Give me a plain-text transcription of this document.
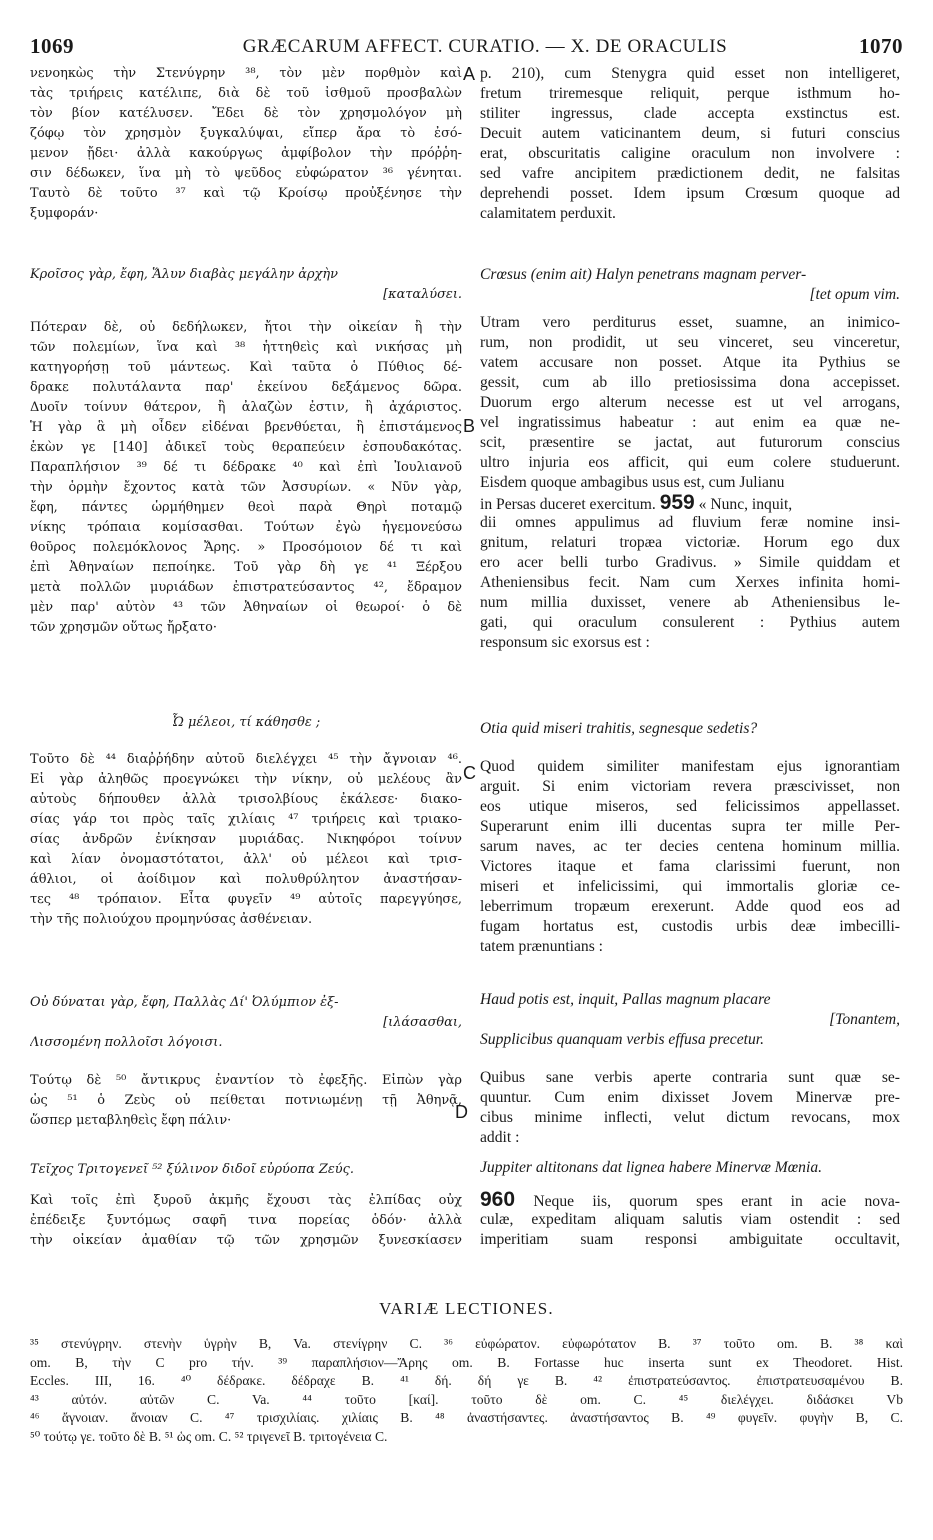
1069	GRÆCARUM AFFECT. CURATIO. — X. DE ORACULIS	1070
A
B
C
D
νενοηκὼς τὴν Στενύγρην ³⁸, τὸν μὲν πορθμὸν καὶ
τὰς τριήρεις κατέλιπε, διὰ δὲ τοῦ ἰσθμοῦ προσβαλὼν
τὸν βίον κατέλυσεν. Ἔδει δὲ τὸν χρησμολόγον μὴ
ζόφῳ τὸν χρησμὸν ξυγκαλύψαι, εἴπερ ἄρα τὸ ἐσό-
μενον ᾔδει· ἀλλὰ κακούργως ἀμφίβολον τὴν πρόῤῥη-
σιν δέδωκεν, ἵνα μὴ τὸ ψεῦδος εὐφώρατον ³⁶ γένηται.
Ταυτὸ δὲ τοῦτο ³⁷ καὶ τῷ Κροίσῳ προὐξένησε τὴν
ξυμφοράν·
Κροῖσος γὰρ, ἔφη, Ἅλυν διαβὰς μεγάλην ἀρχὴν
[καταλύσει.
Πότεραν δὲ, οὐ δεδήλωκεν, ἤτοι τὴν οἰκείαν ἢ τὴν
τῶν πολεμίων, ἵνα καὶ ³⁸ ἡττηθεὶς καὶ νικήσας μὴ
κατηγορήσῃ τοῦ μάντεως. Καὶ ταῦτα ὁ Πύθιος δέ-
δρακε πολυτάλαντα παρ' ἐκείνου δεξάμενος δῶρα.
Δυοῖν τοίνυν θάτερον, ἢ ἀλαζὼν ἐστιν, ἢ ἀχάριστος.
Ἡ γὰρ ἃ μὴ οἶδεν εἰδέναι βρενθύεται, ἢ ἐπιστάμενος
ἑκὼν γε [140] ἀδικεῖ τοὺς θεραπεύειν ἐσπουδακότας.
Παραπλήσιον ³⁹ δέ τι δέδρακε ⁴⁰ καὶ ἐπὶ Ἰουλιανοῦ
τὴν ὁρμὴν ἔχοντος κατὰ τῶν Ἀσσυρίων. « Νῦν γὰρ,
ἔφη, πάντες ὡρμήθημεν θεοὶ παρὰ Θηρὶ ποταμῷ
νίκης τρόπαια κομίσασθαι. Τούτων ἐγὼ ἡγεμονεύσω
θοῦρος πολεμόκλονος Ἄρης. » Προσόμοιον δέ τι καὶ
ἐπὶ Ἀθηναίων πεποίηκε. Τοῦ γὰρ δὴ γε ⁴¹ Ξέρξου
μετὰ πολλῶν μυριάδων ἐπιστρατεύσαντος ⁴², ἔδραμον
μὲν παρ' αὐτὸν ⁴³ τῶν Ἀθηναίων οἱ θεωροί· ὁ δὲ
τῶν χρησμῶν οὕτως ἤρξατο·
Ὦ μέλεοι, τί κάθησθε ;
Τοῦτο δὲ ⁴⁴ διαῤῥήδην αὐτοῦ διελέγχει ⁴⁵ τὴν ἄγνοιαν ⁴⁶.
Εἰ γὰρ ἀληθῶς προεγνώκει τὴν νίκην, οὐ μελέους ἂν
αὐτοὺς δήπουθεν ἀλλὰ τρισολβίους ἐκάλεσε· διακο-
σίας γάρ τοι πρὸς ταῖς χιλίαις ⁴⁷ τριήρεις καὶ τριακο-
σίας ἀνδρῶν ἐνίκησαν μυριάδας. Νικηφόροι τοίνυν
καὶ λίαν ὀνομαστότατοι, ἀλλ' οὐ μέλεοι καὶ τρισ-
άθλιοι, οἱ ἀοίδιμον καὶ πολυθρύλητον ἀναστήσαν-
τες ⁴⁸ τρόπαιον. Εἶτα φυγεῖν ⁴⁹ αὐτοῖς παρεγγύησε,
τὴν τῆς πολιούχου προμηνύσας ἀσθένειαν.
Οὐ δύναται γὰρ, ἔφη, Παλλὰς Δί' Ὀλύμπιον ἐξ-
[ιλάσασθαι,
Λισσομένη πολλοῖσι λόγοισι.
Τούτῳ δὲ ⁵⁰ ἄντικρυς ἐναντίον τὸ ἐφεξῆς. Εἰπὼν γὰρ
ὡς ⁵¹ ὁ Ζεὺς οὐ πείθεται ποτνιωμένῃ τῇ Ἀθηνᾷ,
ὥσπερ μεταβληθεὶς ἔφη πάλιν·
Τεῖχος Τριτογενεῖ ⁵² ξύλινον διδοῖ εὐρύοπα Ζεύς.
Καὶ τοῖς ἐπὶ ξυροῦ ἀκμῆς ἔχουσι τὰς ἐλπίδας οὐχ
ἐπέδειξε ξυντόμως σαφῆ τινα πορείας ὁδόν· ἀλλὰ
τὴν οἰκείαν ἀμαθίαν τῷ τῶν χρησμῶν ξυνεσκίασεν
p. 210), cum Stenygra quid esset non intelligeret,
fretum triremesque reliquit, perque isthmum ho-
stiliter ingressus, clade accepta exstinctus est.
Decuit autem vaticinantem deum, si futuri conscius
erat, obscuritatis caligine oraculum non involvere :
sed vafre ancipitem prædictionem dedit, ne falsitas
deprehendi posset. Idem ipsum Crœsum quoque ad
calamitatem perduxit.
Crœsus (enim ait) Halyn penetrans magnam perver-
[tet opum vim.
Utram vero perditurus esset, suamne, an inimico-
rum, non prodidit, ut seu vinceret, seu vinceretur,
vatem accusare non posset. Atque ita Pythius se
gessit, cum ab illo pretiosissima dona accepisset.
Duorum ergo alterum necesse est ut vel arrogans,
vel ingratissimus habeatur : aut enim ea quæ ne-
scit, præsentire se jactat, aut futurorum conscius
ultro injuria eos afficit, qui eum colere studuerunt.
Eisdem quoque ambagibus usus est, cum Julianu
in Persas duceret exercitum. 959 « Nunc, inquit,
dii omnes appulimus ad fluvium feræ nomine insi-
gnitum, relaturi tropæa victoriæ. Horum ego dux
ero acer belli turbo Gradivus. » Simile quiddam et
Atheniensibus fecit. Nam cum Xerxes infinita homi-
num millia duxisset, venere ab Atheniensibus le-
gati, qui oraculum consulerent : Pythius autem
responsum sic exorsus est :
Otia quid miseri trahitis, segnesque sedetis?
Quod quidem similiter manifestam ejus ignorantiam
arguit. Si enim victoriam revera præscivisset, non
eos utique miseros, sed felicissimos appellasset.
Superarunt enim illi ducentas supra ter mille Per-
sarum naves, ac ter decies centena hominum millia.
Victores itaque et fama clarissimi fuerunt, non
miseri et infelicissimi, qui immortalis gloriæ ce-
leberrimum tropæum erexerunt. Adde quod eos ad
fugam hortatus est, custodis urbis deæ imbecilli-
tatem prænuntians :
Haud potis est, inquit, Pallas magnum placare
[Tonantem,
Supplicibus quanquam verbis effusa precetur.
Quibus sane verbis aperte contraria sunt quæ se-
quuntur. Cum enim dixisset Jovem Minervæ pre-
cibus minime inflecti, velut dictum revocans, mox
addit :
Juppiter altitonans dat lignea habere Minervæ Mœnia.
960 Neque iis, quorum spes erant in acie nova-
culæ, expeditam aliquam salutis viam ostendit : sed
imperitiam suam responsi ambiguitate occultavit,
VARIÆ LECTIONES.
³⁵ στενύγρην. στενὴν ὑγρὴν B, Va. στενίγρην C. ³⁶ εὐφώρατον. εὐφωρότατον B. ³⁷ τοῦτο om. B. ³⁸ καὶ
om. B, τὴν C pro τήν. ³⁹ παραπλήσιον—Ἄρης om. B. Fortasse huc inserta sunt ex Theodoret. Hist.
Eccles. III, 16. ⁴⁰ δέδρακε. δέδραχε B. ⁴¹ δή. δή γε B. ⁴² ἐπιστρατεύσαντος. ἐπιστρατευσαμένου B.
⁴³ αὐτόν. αὐτῶν C. Va. ⁴⁴ τοῦτο [καί]. τοῦτο δὲ om. C. ⁴⁵ διελέγχει. διδάσκει Vb
⁴⁶ ἄγνοιαν. ἄνοιαν C. ⁴⁷ τρισχιλίαις. χιλίαις B. ⁴⁸ ἀναστήσαντες. ἀναστήσαντος B. ⁴⁹ φυγεῖν. φυγὴν B, C.
⁵⁰ τούτῳ γε. τοῦτο δὲ B. ⁵¹ ὡς om. C. ⁵² τριγενεῖ B. τριτογένεια C.
